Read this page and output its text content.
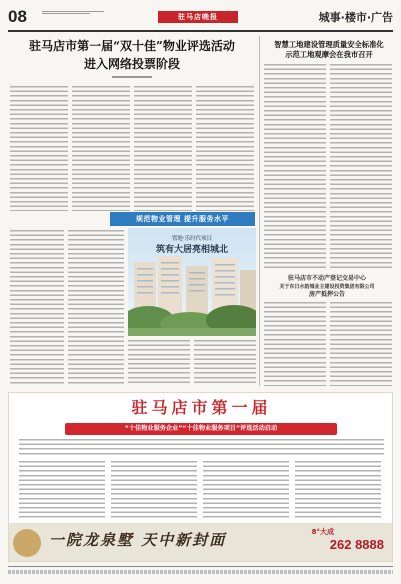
08	驻马店晚报	城事·楼市·广告
驻马店市第一届“双十佳”物业评选活动
进入网络投票阶段
规范物业管理 提升服务水平
置地·乐时代项目
筑有大居亮相城北
智慧工地建设管理质量安全标准化
示范工地观摩会在我市召开
驻马店市不动产登记交易中心
关于东日水韵城业主建设投资集团有限公司
房产抵押公告
驻马店市第一届
“十佳物业服务企业”“十佳物业服务项目”评选活动启动
一院龙泉墅 天中新封面	8°大成
262 8888
